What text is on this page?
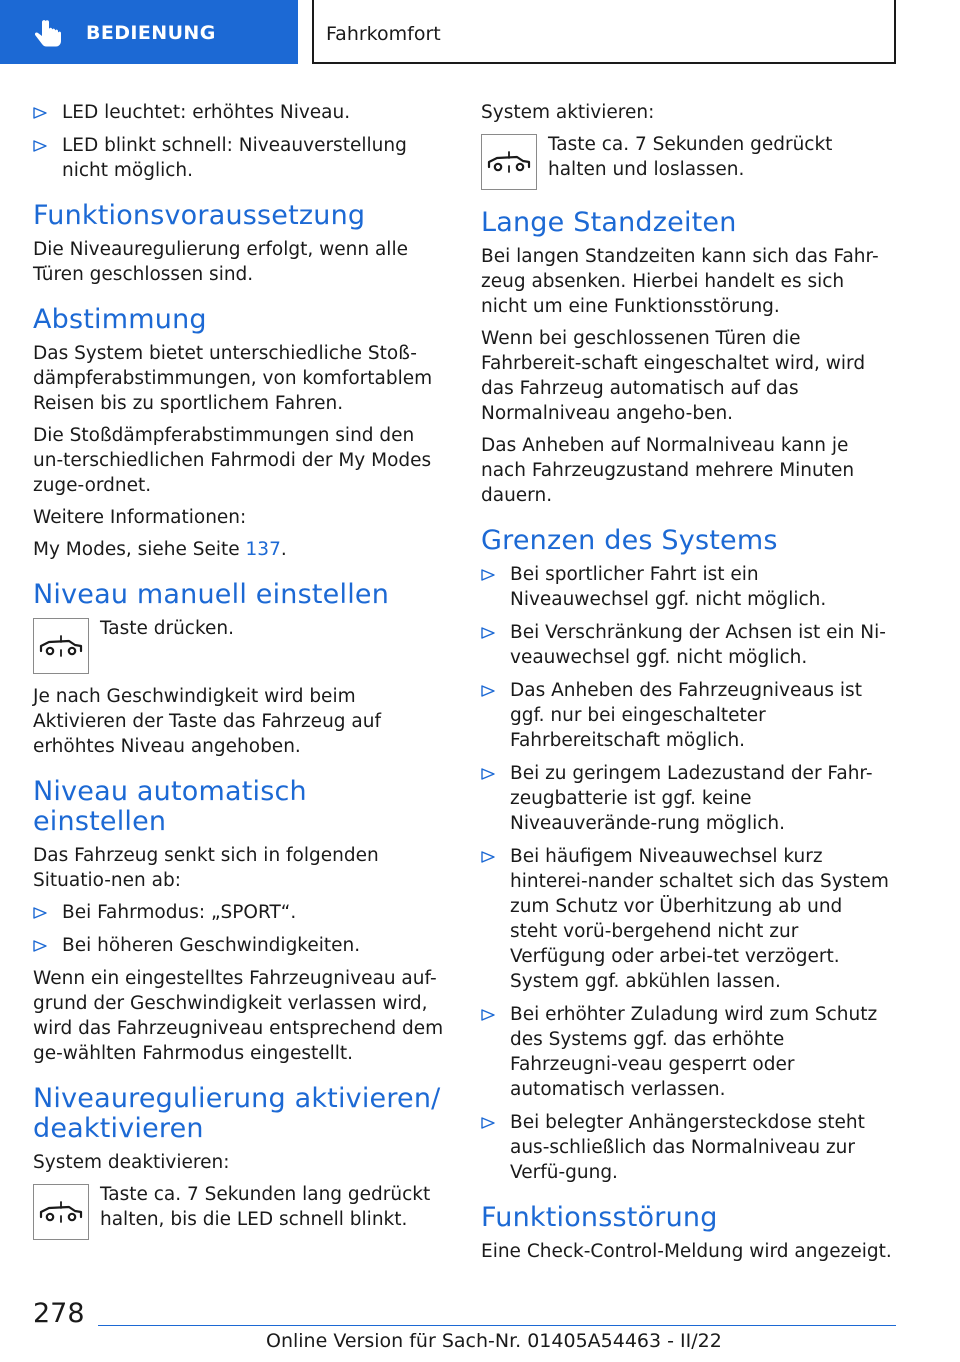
BEDIENUNG	Fahrkomfort
LED leuchtet: erhöhtes Niveau.
LED blinkt schnell: Niveauverstellung nicht möglich.
Funktionsvoraussetzung

Die Niveauregulierung erfolgt, wenn alle Türen geschlossen sind.

Abstimmung

Das System bietet unterschiedliche Stoß-dämpferabstimmungen, von komfortablem Reisen bis zu sportlichem Fahren.

Die Stoßdämpferabstimmungen sind den un-terschiedlichen Fahrmodi der My Modes zuge-ordnet.

Weitere Informationen:

My Modes, siehe Seite 137.

Niveau manuell einstellen
Taste drücken.

Je nach Geschwindigkeit wird beim Aktivieren der Taste das Fahrzeug auf erhöhtes Niveau angehoben.

Niveau automatisch einstellen

Das Fahrzeug senkt sich in folgenden Situatio-nen ab:

Bei Fahrmodus: „SPORT“.
Bei höheren Geschwindigkeiten.

Wenn ein eingestelltes Fahrzeugniveau auf-grund der Geschwindigkeit verlassen wird, wird das Fahrzeugniveau entsprechend dem ge-wählten Fahrmodus eingestellt.

Niveauregulierung aktivieren/ deaktivieren

System deaktivieren:

Taste ca. 7 Sekunden lang gedrückt halten, bis die LED schnell blinkt.

System aktivieren:

Taste ca. 7 Sekunden gedrückt halten und loslassen.
Lange Standzeiten

Bei langen Standzeiten kann sich das Fahr-zeug absenken. Hierbei handelt es sich nicht um eine Funktionsstörung.

Wenn bei geschlossenen Türen die Fahrbereit-schaft eingeschaltet wird, wird das Fahrzeug automatisch auf das Normalniveau angeho-ben.

Das Anheben auf Normalniveau kann je nach Fahrzeugzustand mehrere Minuten dauern.

Grenzen des Systems
Bei sportlicher Fahrt ist ein Niveauwechsel ggf. nicht möglich.
Bei Verschränkung der Achsen ist ein Ni-veauwechsel ggf. nicht möglich.
Das Anheben des Fahrzeugniveaus ist ggf. nur bei eingeschalteter Fahrbereitschaft möglich.
Bei zu geringem Ladezustand der Fahr-zeugbatterie ist ggf. keine Niveauverände-rung möglich.
Bei häufigem Niveauwechsel kurz hinterei-nander schaltet sich das System zum Schutz vor Überhitzung ab und steht vorü-bergehend nicht zur Verfügung oder arbei-tet verzögert. System ggf. abkühlen lassen.
Bei erhöhter Zuladung wird zum Schutz des Systems ggf. das erhöhte Fahrzeugni-veau gesperrt oder automatisch verlassen.
Bei belegter Anhängersteckdose steht aus-schließlich das Normalniveau zur Verfü-gung.
Funktionsstörung

Eine Check-Control-Meldung wird angezeigt.

278
Online Version für Sach-Nr. 01405A54463 - II/22
